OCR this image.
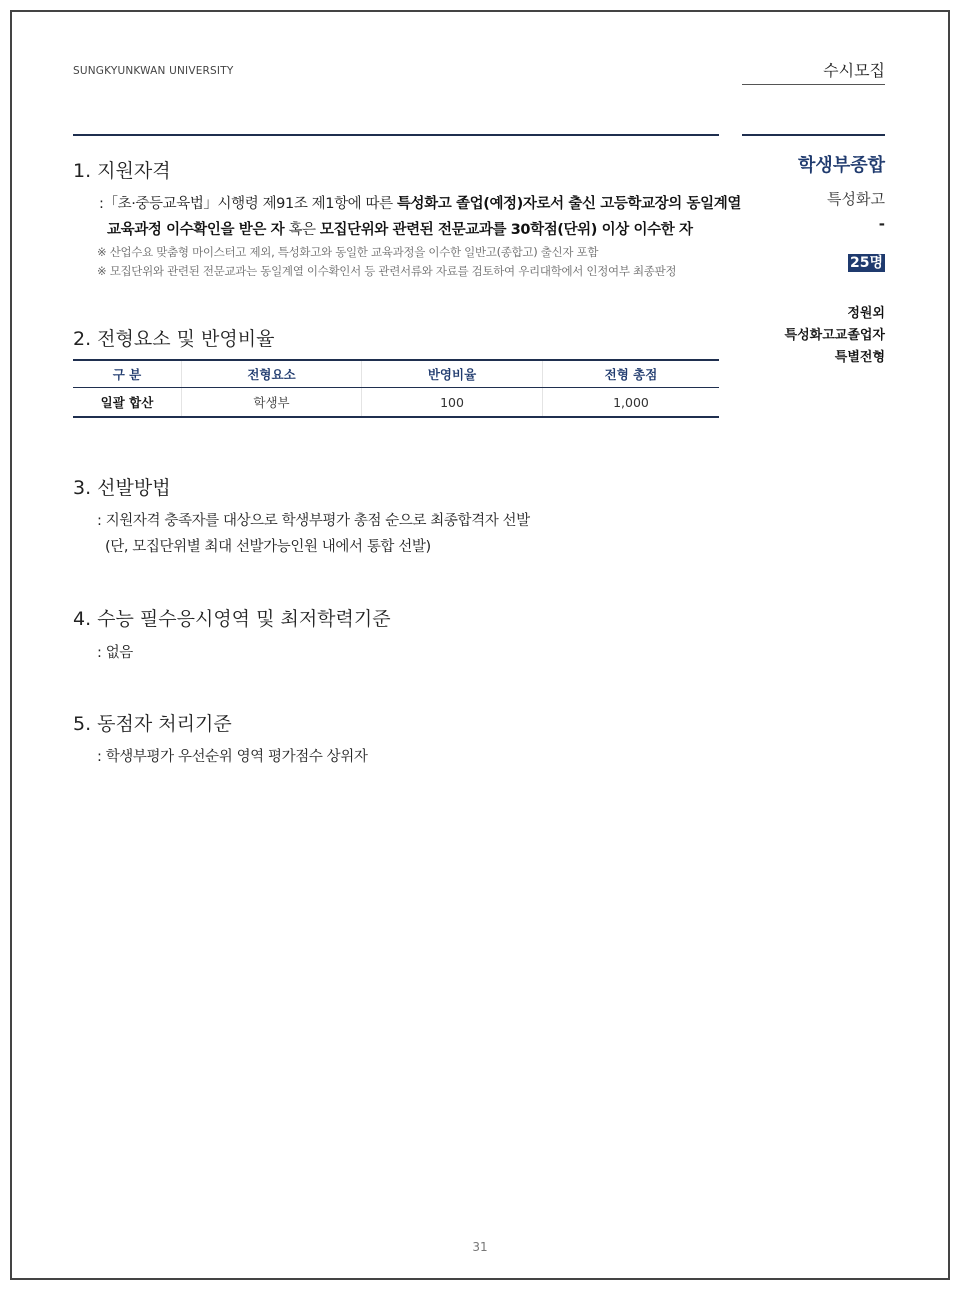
SUNGKYUNKWAN UNIVERSITY	수시모집
1. 지원자격
:「초·중등교육법」시행령 제91조 제1항에 따른 특성화고 졸업(예정)자로서 출신 고등학교장의 동일계열
교육과정 이수확인을 받은 자 혹은 모집단위와 관련된 전문교과를 30학점(단위) 이상 이수한 자
※ 산업수요 맞춤형 마이스터고 제외, 특성화고와 동일한 교육과정을 이수한 일반고(종합고) 출신자 포함
※ 모집단위와 관련된 전문교과는 동일계열 이수확인서 등 관련서류와 자료를 검토하여 우리대학에서 인정여부 최종판정
2. 전형요소 및 반영비율
구 분	전형요소	반영비율	전형 총점
일괄 합산	학생부	100	1,000
3. 선발방법
: 지원자격 충족자를 대상으로 학생부평가 총점 순으로 최종합격자 선발
(단, 모집단위별 최대 선발가능인원 내에서 통합 선발)
4. 수능 필수응시영역 및 최저학력기준
: 없음
5. 동점자 처리기준
: 학생부평가 우선순위 영역 평가점수 상위자
학생부종합
특성화고
-
25명
정원외
특성화고교졸업자
특별전형
31
